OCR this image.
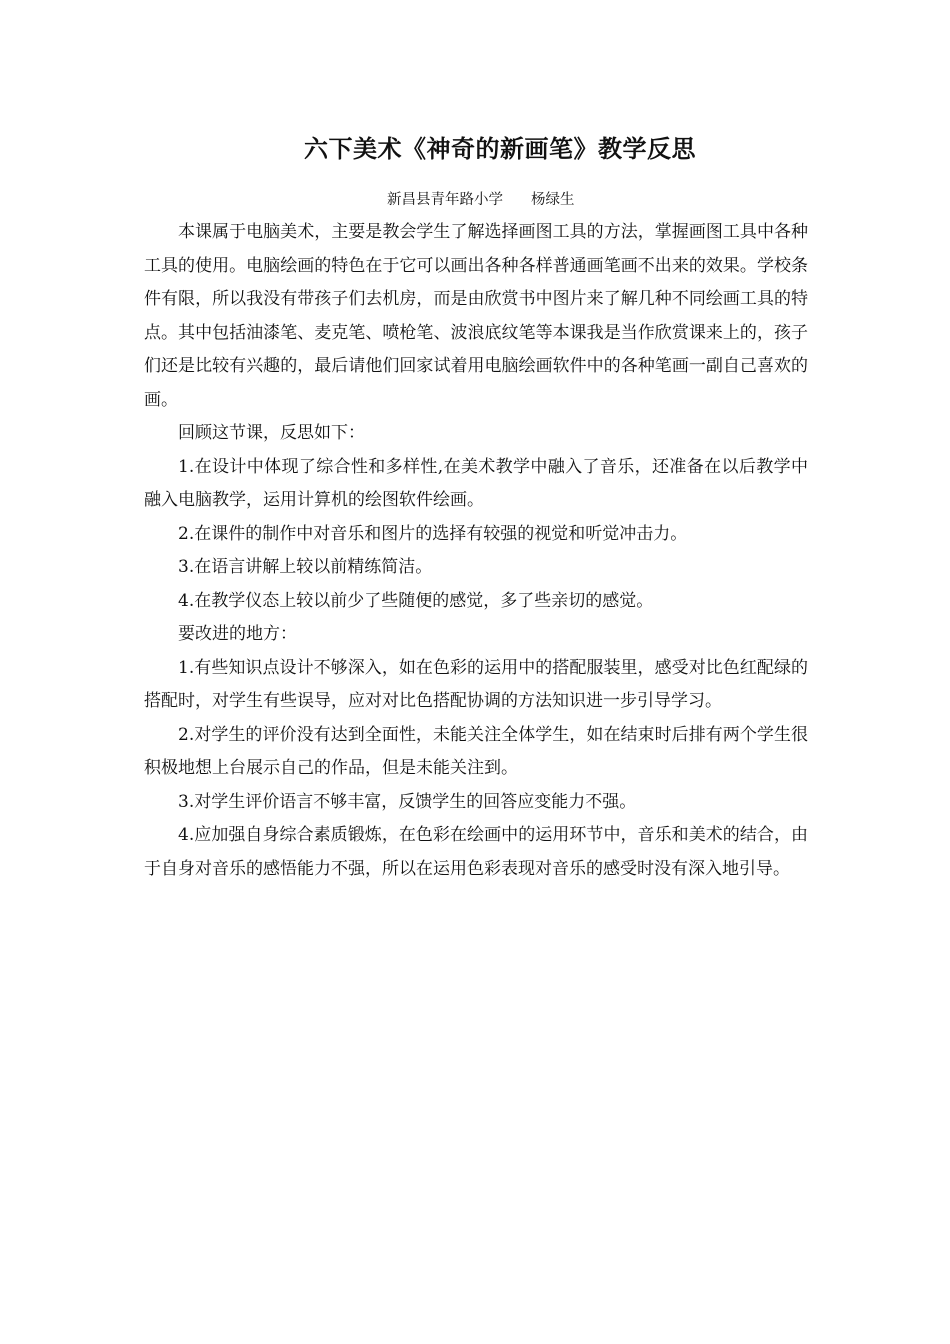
六下美术《神奇的新画笔》教学反思
新昌县青年路小学 杨绿生

本课属于电脑美术，主要是教会学生了解选择画图工具的方法，掌握画图工具中各种工具的使用。电脑绘画的特色在于它可以画出各种各样普通画笔画不出来的效果。学校条件有限，所以我没有带孩子们去机房，而是由欣赏书中图片来了解几种不同绘画工具的特点。其中包括油漆笔、麦克笔、喷枪笔、波浪底纹笔等本课我是当作欣赏课来上的，孩子们还是比较有兴趣的，最后请他们回家试着用电脑绘画软件中的各种笔画一副自己喜欢的画。

回顾这节课，反思如下：

1.在设计中体现了综合性和多样性,在美术教学中融入了音乐，还准备在以后教学中融入电脑教学，运用计算机的绘图软件绘画。

2.在课件的制作中对音乐和图片的选择有较强的视觉和听觉冲击力。

3.在语言讲解上较以前精练简洁。

4.在教学仪态上较以前少了些随便的感觉，多了些亲切的感觉。

要改进的地方：

1.有些知识点设计不够深入，如在色彩的运用中的搭配服装里，感受对比色红配绿的搭配时，对学生有些误导，应对对比色搭配协调的方法知识进一步引导学习。

2.对学生的评价没有达到全面性，未能关注全体学生，如在结束时后排有两个学生很积极地想上台展示自己的作品，但是未能关注到。

3.对学生评价语言不够丰富，反馈学生的回答应变能力不强。

4.应加强自身综合素质锻炼，在色彩在绘画中的运用环节中，音乐和美术的结合，由于自身对音乐的感悟能力不强，所以在运用色彩表现对音乐的感受时没有深入地引导。
